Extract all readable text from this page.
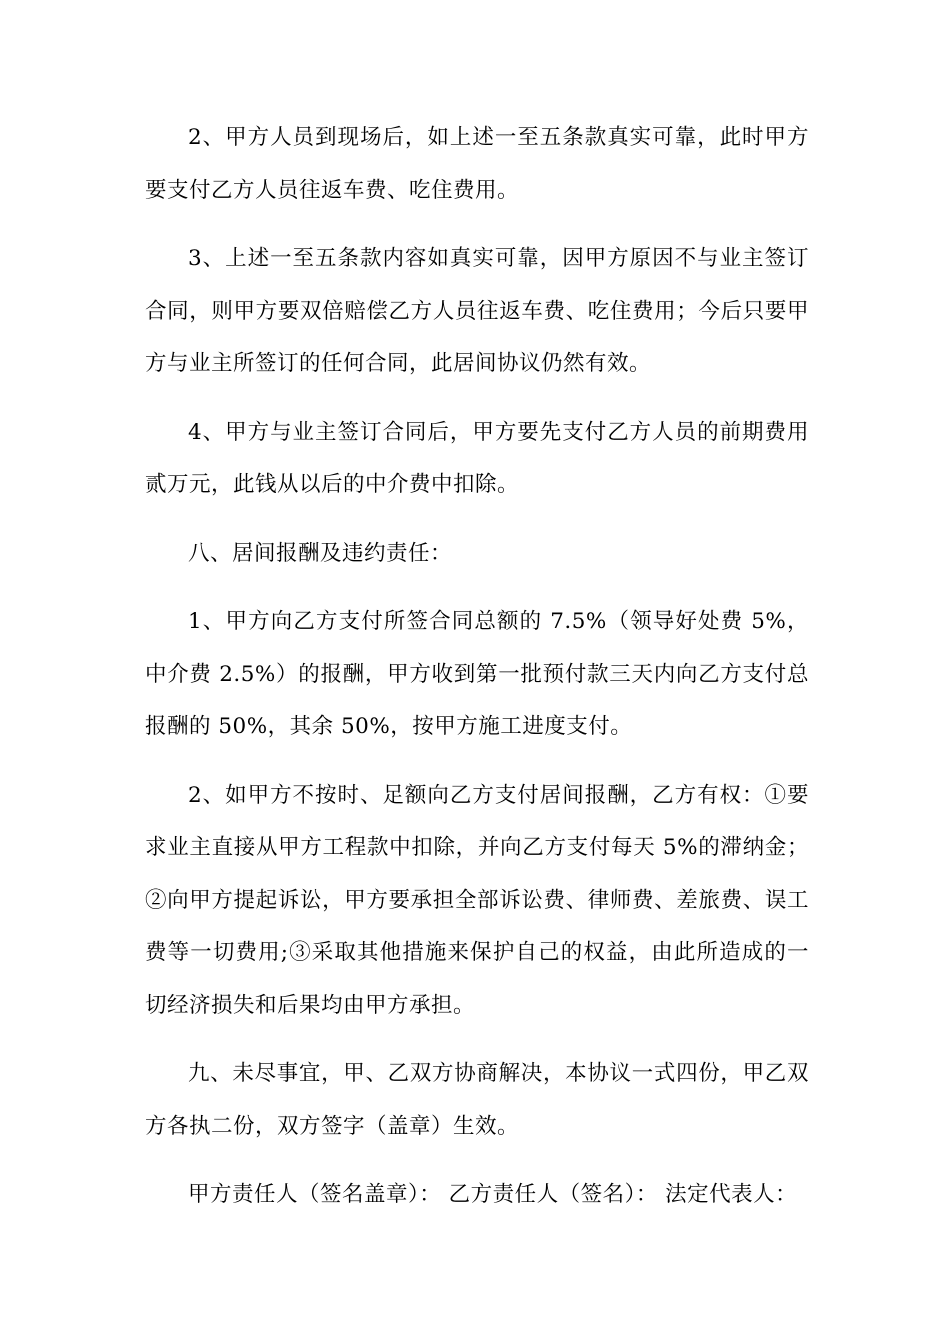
2、甲方人员到现场后，如上述一至五条款真实可靠，此时甲方要支付乙方人员往返车费、吃住费用。

3、上述一至五条款内容如真实可靠，因甲方原因不与业主签订合同，则甲方要双倍赔偿乙方人员往返车费、吃住费用；今后只要甲方与业主所签订的任何合同，此居间协议仍然有效。

4、甲方与业主签订合同后，甲方要先支付乙方人员的前期费用贰万元，此钱从以后的中介费中扣除。

八、居间报酬及违约责任：

1、甲方向乙方支付所签合同总额的 7.5%（领导好处费 5%，中介费 2.5%）的报酬，甲方收到第一批预付款三天内向乙方支付总报酬的 50%，其余 50%，按甲方施工进度支付。

2、如甲方不按时、足额向乙方支付居间报酬，乙方有权：①要求业主直接从甲方工程款中扣除，并向乙方支付每天 5%的滞纳金；②向甲方提起诉讼，甲方要承担全部诉讼费、律师费、差旅费、误工费等一切费用;③采取其他措施来保护自己的权益，由此所造成的一切经济损失和后果均由甲方承担。

九、未尽事宜，甲、乙双方协商解决，本协议一式四份，甲乙双方各执二份，双方签字（盖章）生效。

甲方责任人（签名盖章）： 乙方责任人（签名）： 法定代表人：
